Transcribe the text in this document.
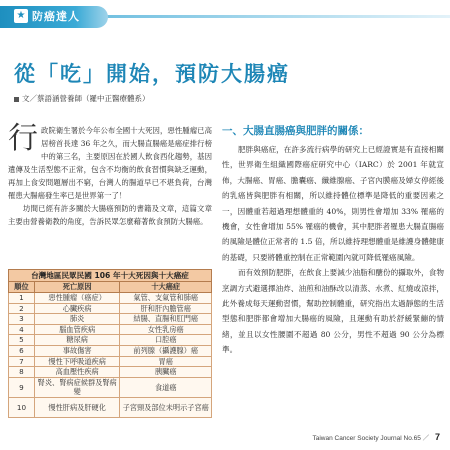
★ 防癌達人
從「吃」開始，預防大腸癌
文／蔡語涵營養師（羅中正醫療體系）

行政院衛生署於今年公布全國十大死因，惡性腫瘤已高居榜首長達 36 年之久，而大腸直腸癌是癌症排行榜中的第三名，主要原因在於國人飲食西化趨勢，基因遺傳及生活型態不正常，包含不均衡的飲食習慣與缺乏運動，再加上食安問題層出不窮，台灣人的腸道早已不堪負荷，台灣罹患大腸癌發生率已是世界第一了！

坊間已經有許多關於大腸癌預防的書籍及文章，這篇文章主要由營養衛教的角度，告訴民眾怎麼藉著飲食預防大腸癌。

台灣地區民眾民國 106 年十大死因與十大癌症
順位	死亡原因	十大癌症
1	惡性腫瘤（癌症）	氣管、支氣管和肺癌
2	心臟疾病	肝和肝內膽管癌
3	肺炎	結腸、直腸和肛門癌
4	腦血管疾病	女性乳房癌
5	糖尿病	口腔癌
6	事故傷害	前列腺（攝護腺）癌
7	慢性下呼吸道疾病	胃癌
8	高血壓性疾病	胰臟癌
9	腎炎、腎病症候群及腎病變	食道癌
10	慢性肝病及肝硬化	子宮頸及部位未明示子宮癌
一、大腸直腸癌與肥胖的關係：

肥胖與癌症，在許多流行病學的研究上已經證實是有直接相關性，世界衛生組織國際癌症研究中心（IARC）於 2001 年就宣佈，大腸癌、胃癌、膽囊癌、纖維腺癌、子宮內膜癌及婦女停經後的乳癌皆與肥胖有相關，所以維持體位標準是降低的重要因素之一，因體重若超過理想體重的 40%，則男性會增加 33% 罹癌的機會，女性會增加 55% 罹癌的機會，其中肥胖者罹患大腸直腸癌的風險是體位正常者的 1.5 倍，所以維持理想體重是維護身體健康的基礎，只要將體重控制在正常範圍內就可降低罹癌風險。

而有效預防肥胖，在飲食上要減少油脂和醣份的攝取外，食物烹調方式避選擇油炸、油煎和油酥改以清蒸、水煮、紅燒或涼拌，此外養成每天運動習慣，幫助控制體重，研究指出太過靜態的生活型態和肥胖都會增加大腸癌的風險，且運動有助於舒緩緊繃的情緒，並且以女性腰圍不超過 80 公分，男性不超過 90 公分為標準。

Taiwan Cancer Society Journal No.65 ／ 7
